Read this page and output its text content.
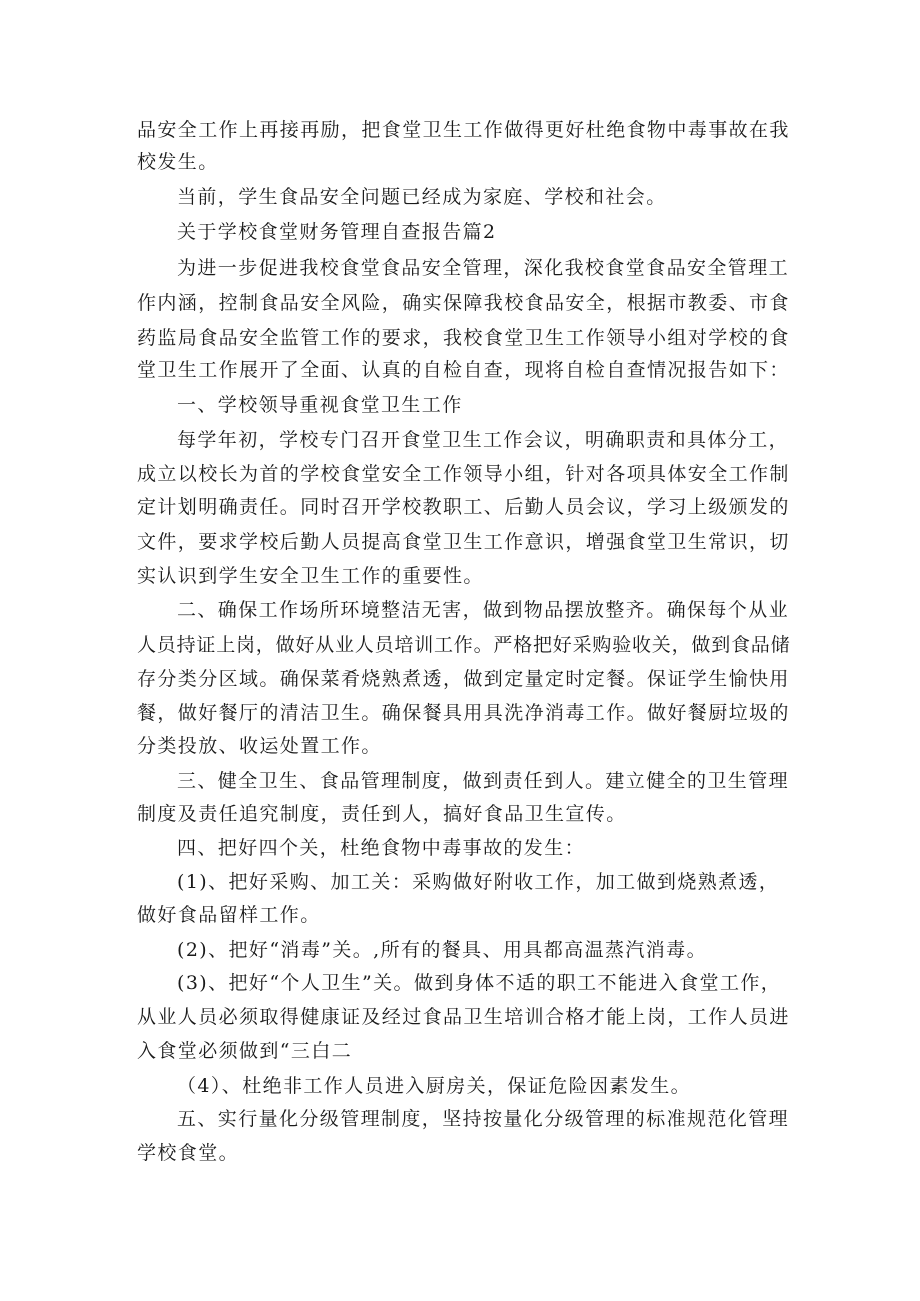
品安全工作上再接再励，把食堂卫生工作做得更好杜绝食物中毒事故在我
校发生。
当前，学生食品安全问题已经成为家庭、学校和社会。
关于学校食堂财务管理自查报告篇2
为进一步促进我校食堂食品安全管理，深化我校食堂食品安全管理工
作内涵，控制食品安全风险，确实保障我校食品安全，根据市教委、市食
药监局食品安全监管工作的要求，我校食堂卫生工作领导小组对学校的食
堂卫生工作展开了全面、认真的自检自查，现将自检自查情况报告如下：
一、学校领导重视食堂卫生工作
每学年初，学校专门召开食堂卫生工作会议，明确职责和具体分工，
成立以校长为首的学校食堂安全工作领导小组，针对各项具体安全工作制
定计划明确责任。同时召开学校教职工、后勤人员会议，学习上级颁发的
文件，要求学校后勤人员提高食堂卫生工作意识，增强食堂卫生常识，切
实认识到学生安全卫生工作的重要性。
二、确保工作场所环境整洁无害，做到物品摆放整齐。确保每个从业
人员持证上岗，做好从业人员培训工作。严格把好采购验收关，做到食品储
存分类分区域。确保菜肴烧熟煮透，做到定量定时定餐。保证学生愉快用
餐，做好餐厅的清洁卫生。确保餐具用具洗净消毒工作。做好餐厨垃圾的
分类投放、收运处置工作。
三、健全卫生、食品管理制度，做到责任到人。建立健全的卫生管理
制度及责任追究制度，责任到人，搞好食品卫生宣传。
四、把好四个关，杜绝食物中毒事故的发生：
(1)、把好采购、加工关：采购做好附收工作，加工做到烧熟煮透，
做好食品留样工作。
(2)、把好“消毒”关。,所有的餐具、用具都高温蒸汽消毒。
(3)、把好“个人卫生”关。做到身体不适的职工不能进入食堂工作，
从业人员必须取得健康证及经过食品卫生培训合格才能上岗，工作人员进
入食堂必须做到“三白二
（4）、杜绝非工作人员进入厨房关，保证危险因素发生。
五、实行量化分级管理制度，坚持按量化分级管理的标准规范化管理
学校食堂。
